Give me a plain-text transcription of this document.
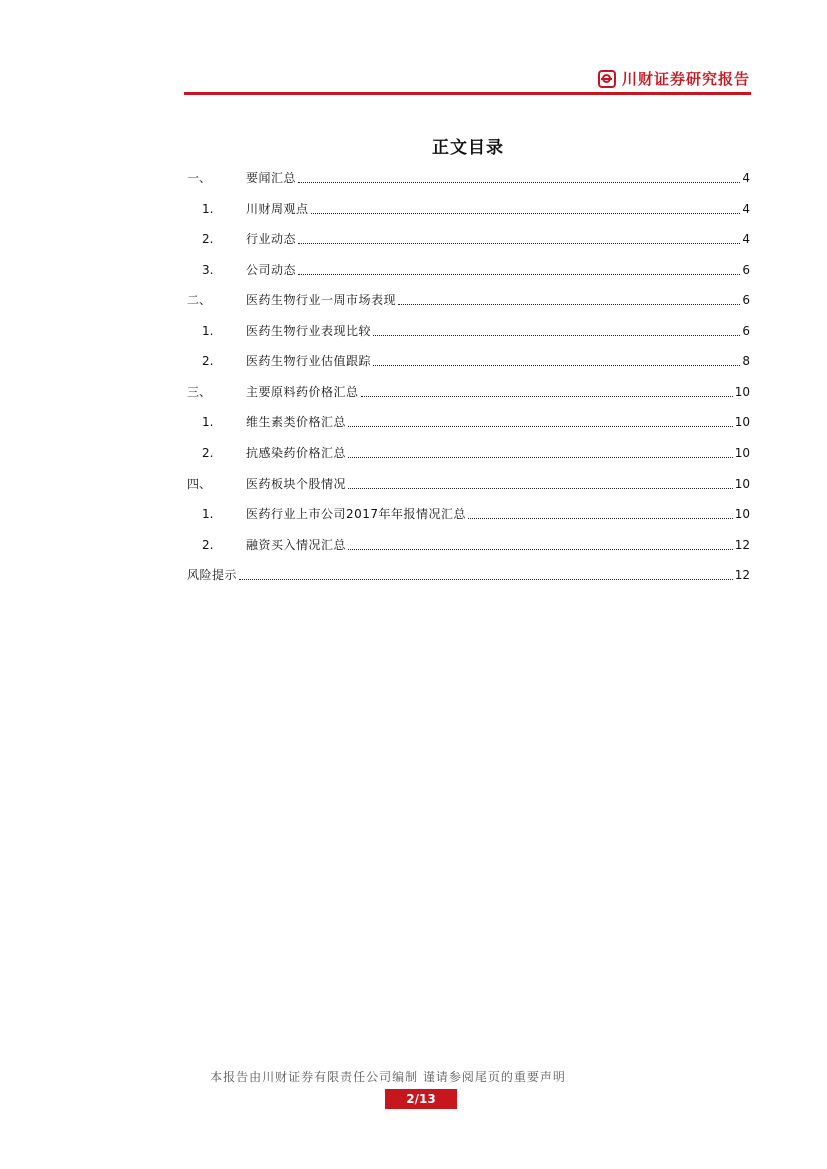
川财证券研究报告
正文目录
一、	要闻汇总	4
1.	川财周观点	4
2.	行业动态	4
3.	公司动态	6
二、	医药生物行业一周市场表现	6
1.	医药生物行业表现比较	6
2.	医药生物行业估值跟踪	8
三、	主要原料药价格汇总	10
1.	维生素类价格汇总	10
2.	抗感染药价格汇总	10
四、	医药板块个股情况	10
1.	医药行业上市公司2017年年报情况汇总	10
2.	融资买入情况汇总	12
风险提示	12
本报告由川财证券有限责任公司编制 谨请参阅尾页的重要声明
2/13
